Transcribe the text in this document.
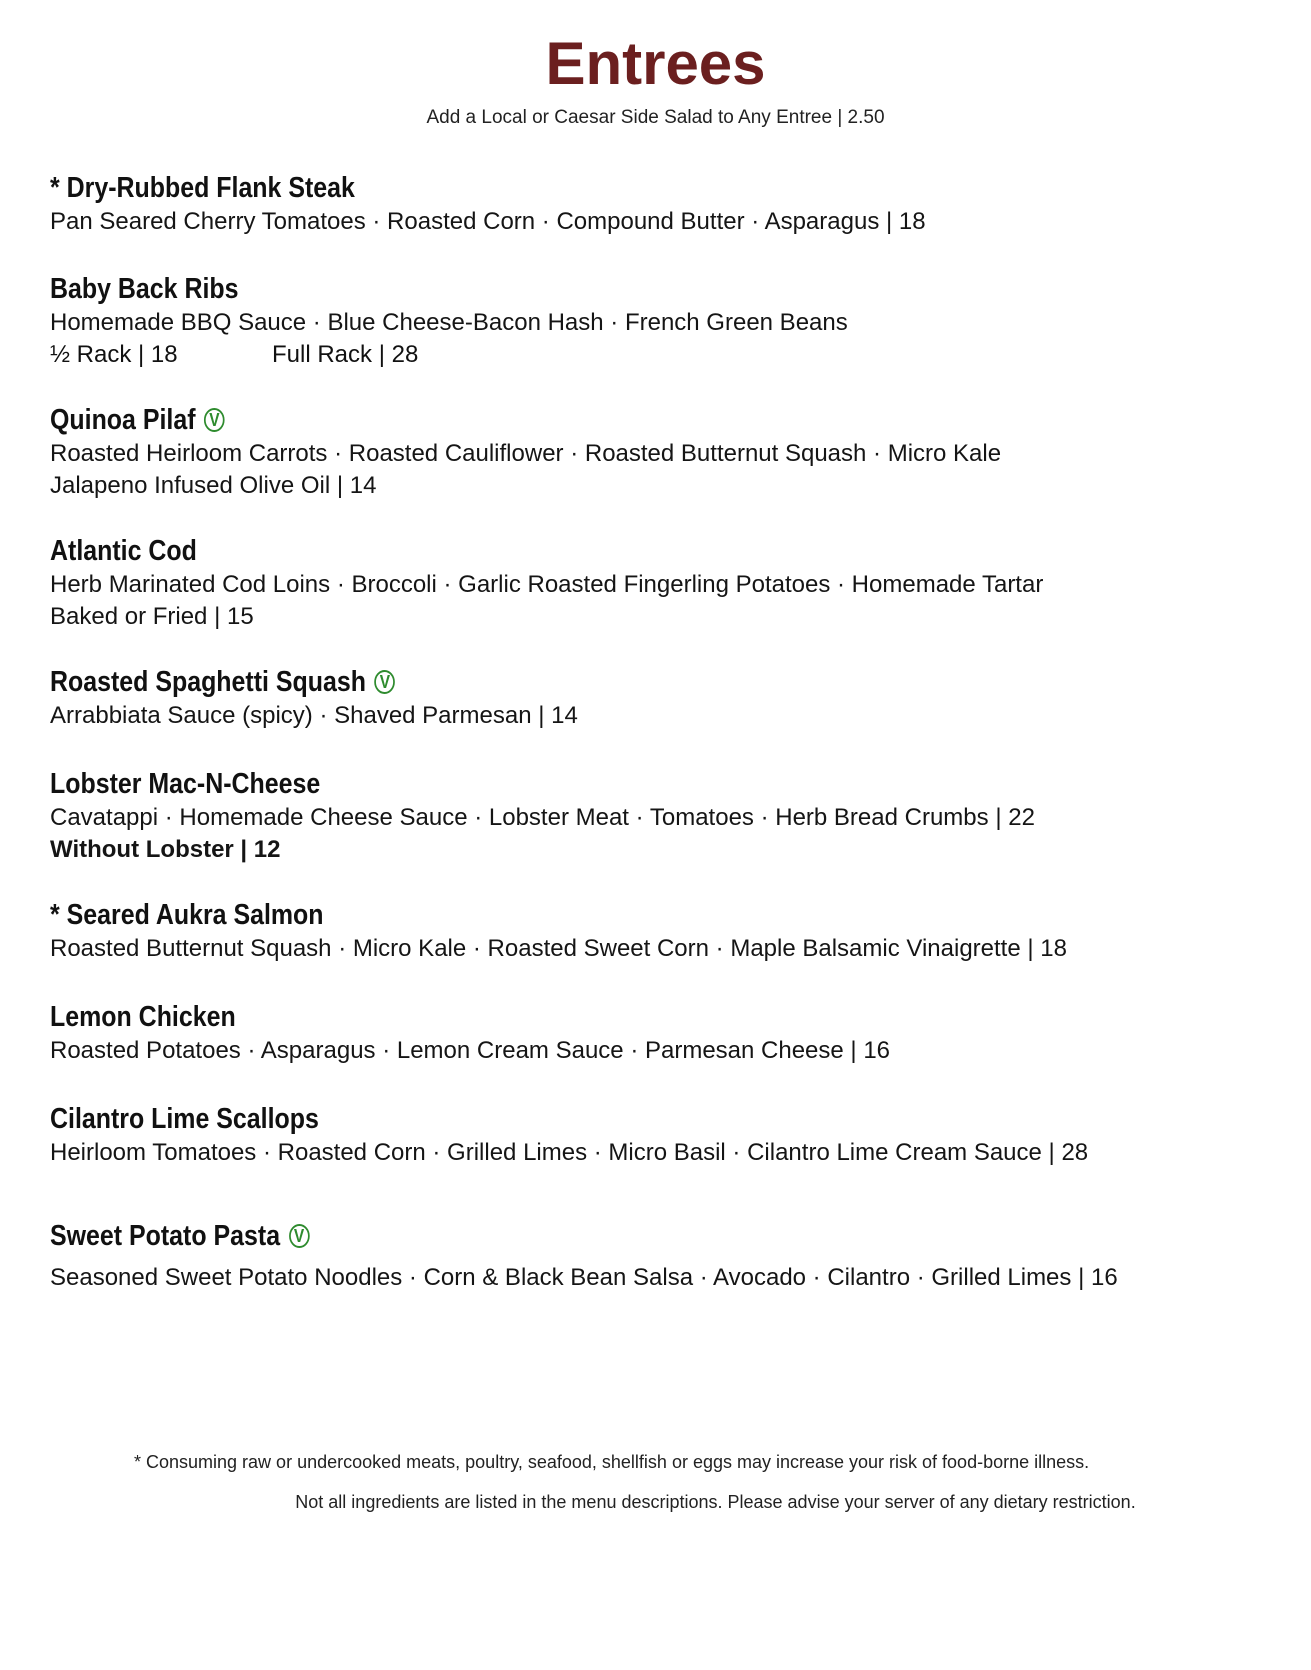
Entrees
Add a Local or Caesar Side Salad to Any Entree | 2.50
* Dry-Rubbed Flank Steak
Pan Seared Cherry Tomatoes · Roasted Corn · Compound Butter · Asparagus | 18
Baby Back Ribs
Homemade BBQ Sauce · Blue Cheese-Bacon Hash · French Green Beans
½ Rack | 18	Full Rack | 28
Quinoa Pilaf V
Roasted Heirloom Carrots · Roasted Cauliflower · Roasted Butternut Squash · Micro Kale
Jalapeno Infused Olive Oil | 14
Atlantic Cod
Herb Marinated Cod Loins · Broccoli · Garlic Roasted Fingerling Potatoes · Homemade Tartar
Baked or Fried | 15
Roasted Spaghetti Squash V
Arrabbiata Sauce (spicy) · Shaved Parmesan | 14
Lobster Mac-N-Cheese
Cavatappi · Homemade Cheese Sauce · Lobster Meat · Tomatoes · Herb Bread Crumbs | 22
Without Lobster | 12
* Seared Aukra Salmon
Roasted Butternut Squash · Micro Kale · Roasted Sweet Corn · Maple Balsamic Vinaigrette | 18
Lemon Chicken
Roasted Potatoes · Asparagus · Lemon Cream Sauce · Parmesan Cheese | 16
Cilantro Lime Scallops
Heirloom Tomatoes · Roasted Corn · Grilled Limes · Micro Basil · Cilantro Lime Cream Sauce | 28
Sweet Potato Pasta V
Seasoned Sweet Potato Noodles · Corn & Black Bean Salsa · Avocado · Cilantro · Grilled Limes | 16
* Consuming raw or undercooked meats, poultry, seafood, shellfish or eggs may increase your risk of food-borne illness.
Not all ingredients are listed in the menu descriptions. Please advise your server of any dietary restriction.
